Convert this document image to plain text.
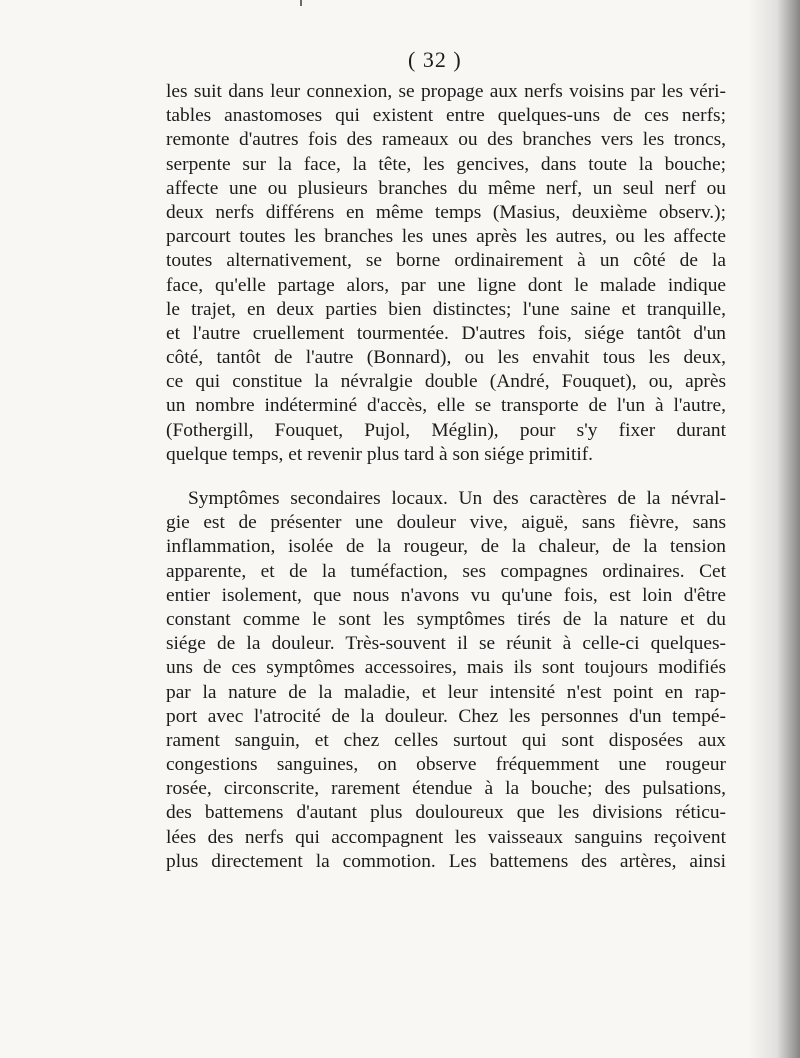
( 32 )
les suit dans leur connexion, se propage aux nerfs voisins par les véri-
tables anastomoses qui existent entre quelques-uns de ces nerfs;
remonte d'autres fois des rameaux ou des branches vers les troncs,
serpente sur la face, la tête, les gencives, dans toute la bouche;
affecte une ou plusieurs branches du même nerf, un seul nerf ou
deux nerfs différens en même temps (Masius, deuxième observ.);
parcourt toutes les branches les unes après les autres, ou les affecte
toutes alternativement, se borne ordinairement à un côté de la
face, qu'elle partage alors, par une ligne dont le malade indique
le trajet, en deux parties bien distinctes; l'une saine et tranquille,
et l'autre cruellement tourmentée. D'autres fois, siége tantôt d'un
côté, tantôt de l'autre (Bonnard), ou les envahit tous les deux,
ce qui constitue la névralgie double (André, Fouquet), ou, après
un nombre indéterminé d'accès, elle se transporte de l'un à l'autre,
(Fothergill, Fouquet, Pujol, Méglin), pour s'y fixer durant
quelque temps, et revenir plus tard à son siége primitif.
Symptômes secondaires locaux. Un des caractères de la névral-
gie est de présenter une douleur vive, aiguë, sans fièvre, sans
inflammation, isolée de la rougeur, de la chaleur, de la tension
apparente, et de la tuméfaction, ses compagnes ordinaires. Cet
entier isolement, que nous n'avons vu qu'une fois, est loin d'être
constant comme le sont les symptômes tirés de la nature et du
siége de la douleur. Très-souvent il se réunit à celle-ci quelques-
uns de ces symptômes accessoires, mais ils sont toujours modifiés
par la nature de la maladie, et leur intensité n'est point en rap-
port avec l'atrocité de la douleur. Chez les personnes d'un tempé-
rament sanguin, et chez celles surtout qui sont disposées aux
congestions sanguines, on observe fréquemment une rougeur
rosée, circonscrite, rarement étendue à la bouche; des pulsations,
des battemens d'autant plus douloureux que les divisions réticu-
lées des nerfs qui accompagnent les vaisseaux sanguins reçoivent
plus directement la commotion. Les battemens des artères, ainsi
